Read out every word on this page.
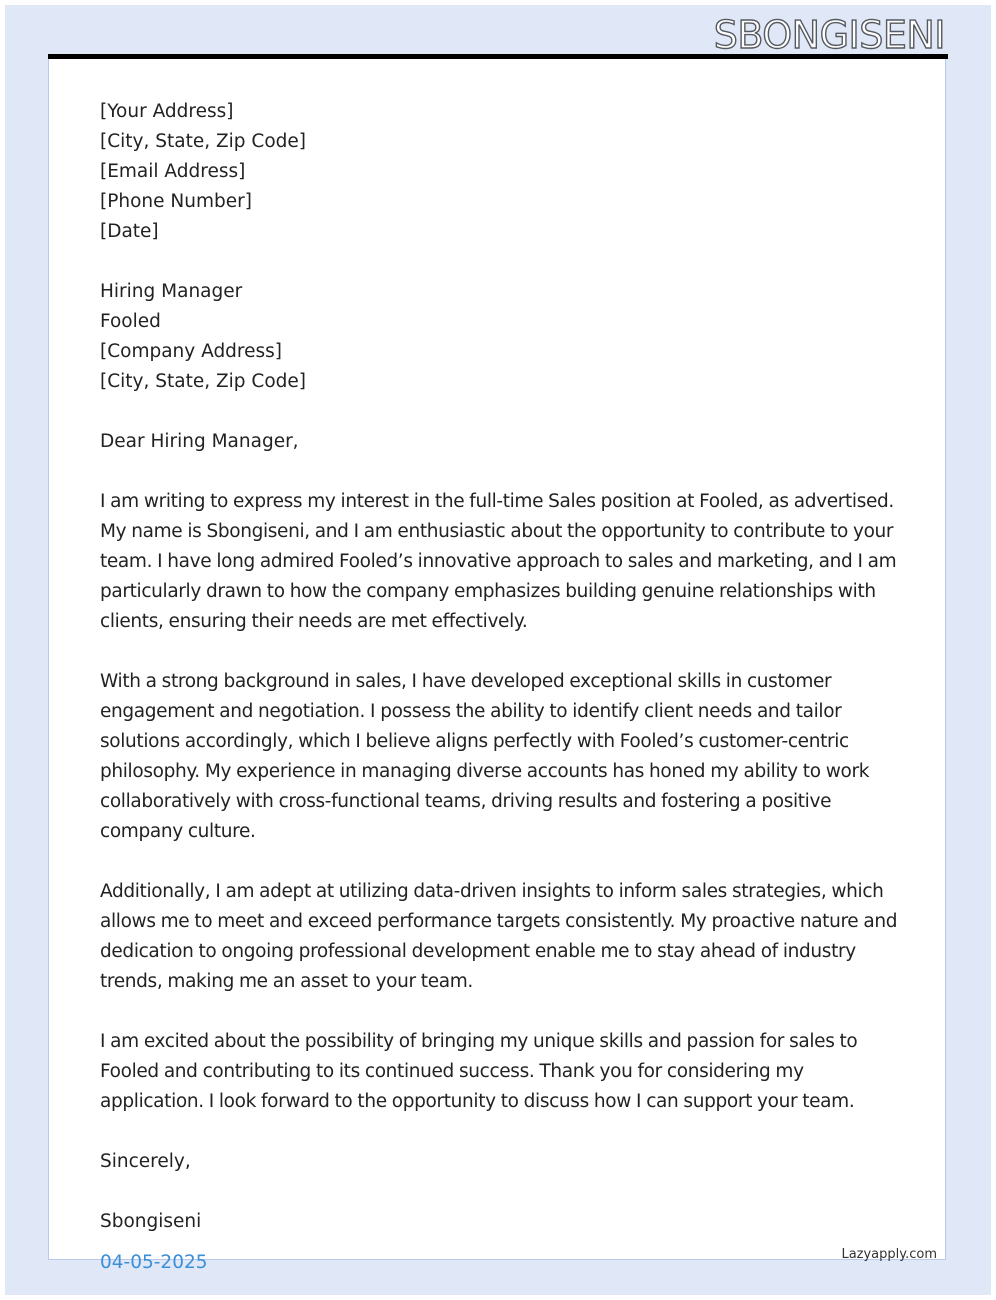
SBONGISENI

[Your Address]

[City, State, Zip Code]

[Email Address]

[Phone Number]

[Date]

Hiring Manager

Fooled

[Company Address]

[City, State, Zip Code]

Dear Hiring Manager,

I am writing to express my interest in the full-time Sales position at Fooled, as advertised. My name is Sbongiseni, and I am enthusiastic about the opportunity to contribute to your team. I have long admired Fooled’s innovative approach to sales and marketing, and I am particularly drawn to how the company emphasizes building genuine relationships with clients, ensuring their needs are met effectively.

With a strong background in sales, I have developed exceptional skills in customer engagement and negotiation. I possess the ability to identify client needs and tailor solutions accordingly, which I believe aligns perfectly with Fooled’s customer-centric philosophy. My experience in managing diverse accounts has honed my ability to work collaboratively with cross-functional teams, driving results and fostering a positive company culture.

Additionally, I am adept at utilizing data-driven insights to inform sales strategies, which allows me to meet and exceed performance targets consistently. My proactive nature and dedication to ongoing professional development enable me to stay ahead of industry trends, making me an asset to your team.

I am excited about the possibility of bringing my unique skills and passion for sales to Fooled and contributing to its continued success. Thank you for considering my application. I look forward to the opportunity to discuss how I can support your team.

Sincerely,

Sbongiseni

04-05-2025	Lazyapply.com
